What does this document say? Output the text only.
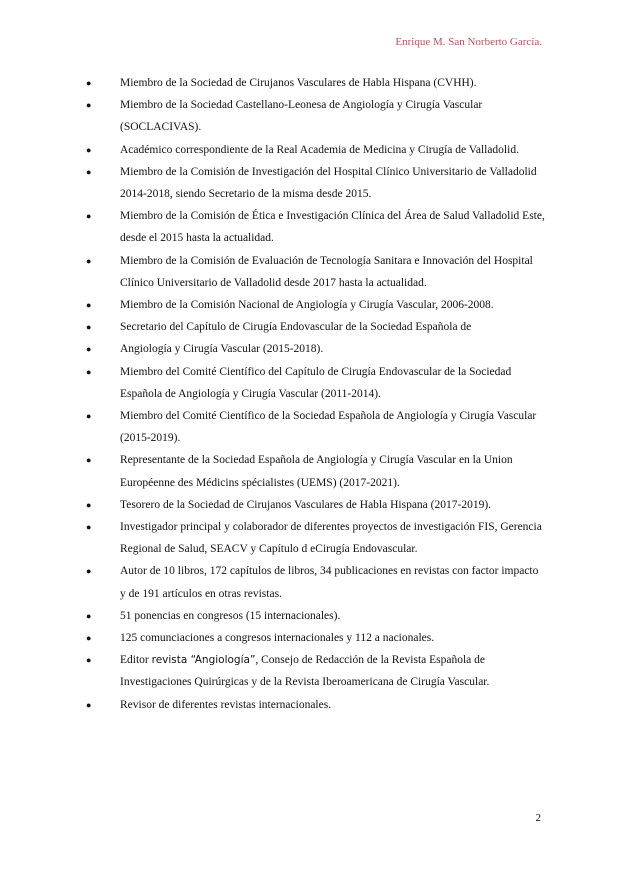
Enrique M. San Norberto García.
● Miembro de la Sociedad de Cirujanos Vasculares de Habla Hispana (CVHH).
● Miembro de la Sociedad Castellano-Leonesa de Angiología y Cirugía Vascular (SOCLACIVAS).
● Académico correspondiente de la Real Academia de Medicina y Cirugía de Valladolid.
● Miembro de la Comisión de Investigación del Hospital Clínico Universitario de Valladolid 2014-2018, siendo Secretario de la misma desde 2015.
● Miembro de la Comisión de Ética e Investigación Clínica del Área de Salud Valladolid Este, desde el 2015 hasta la actualidad.
● Miembro de la Comisión de Evaluación de Tecnología Sanitara e Innovación del Hospital Clínico Universitario de Valladolid desde 2017 hasta la actualidad.
● Miembro de la Comisión Nacional de Angiología y Cirugía Vascular, 2006-2008.
● Secretario del Capítulo de Cirugía Endovascular de la Sociedad Española de
● Angiología y Cirugía Vascular (2015-2018).
● Miembro del Comité Científico del Capítulo de Cirugía Endovascular de la Sociedad Española de Angiología y Cirugía Vascular (2011-2014).
● Miembro del Comité Científico de la Sociedad Española de Angiología y Cirugía Vascular (2015-2019).
● Representante de la Sociedad Española de Angiología y Cirugía Vascular en la Union Européenne des Médicins spécialistes (UEMS) (2017-2021).
● Tesorero de la Sociedad de Cirujanos Vasculares de Habla Hispana (2017-2019).
● Investigador principal y colaborador de diferentes proyectos de investigación FIS, Gerencia Regional de Salud, SEACV y Capítulo d eCirugía Endovascular.
● Autor de 10 libros, 172 capítulos de libros, 34 publicaciones en revistas con factor impacto y de 191 artículos en otras revistas.
● 51 ponencias en congresos (15 internacionales).
● 125 comunciaciones a congresos internacionales y 112 a nacionales.
● Editor revista “Angiología”, Consejo de Redacción de la Revista Española de Investigaciones Quirúrgicas y de la Revista Iberoamericana de Cirugía Vascular.
● Revisor de diferentes revistas internacionales.
2
